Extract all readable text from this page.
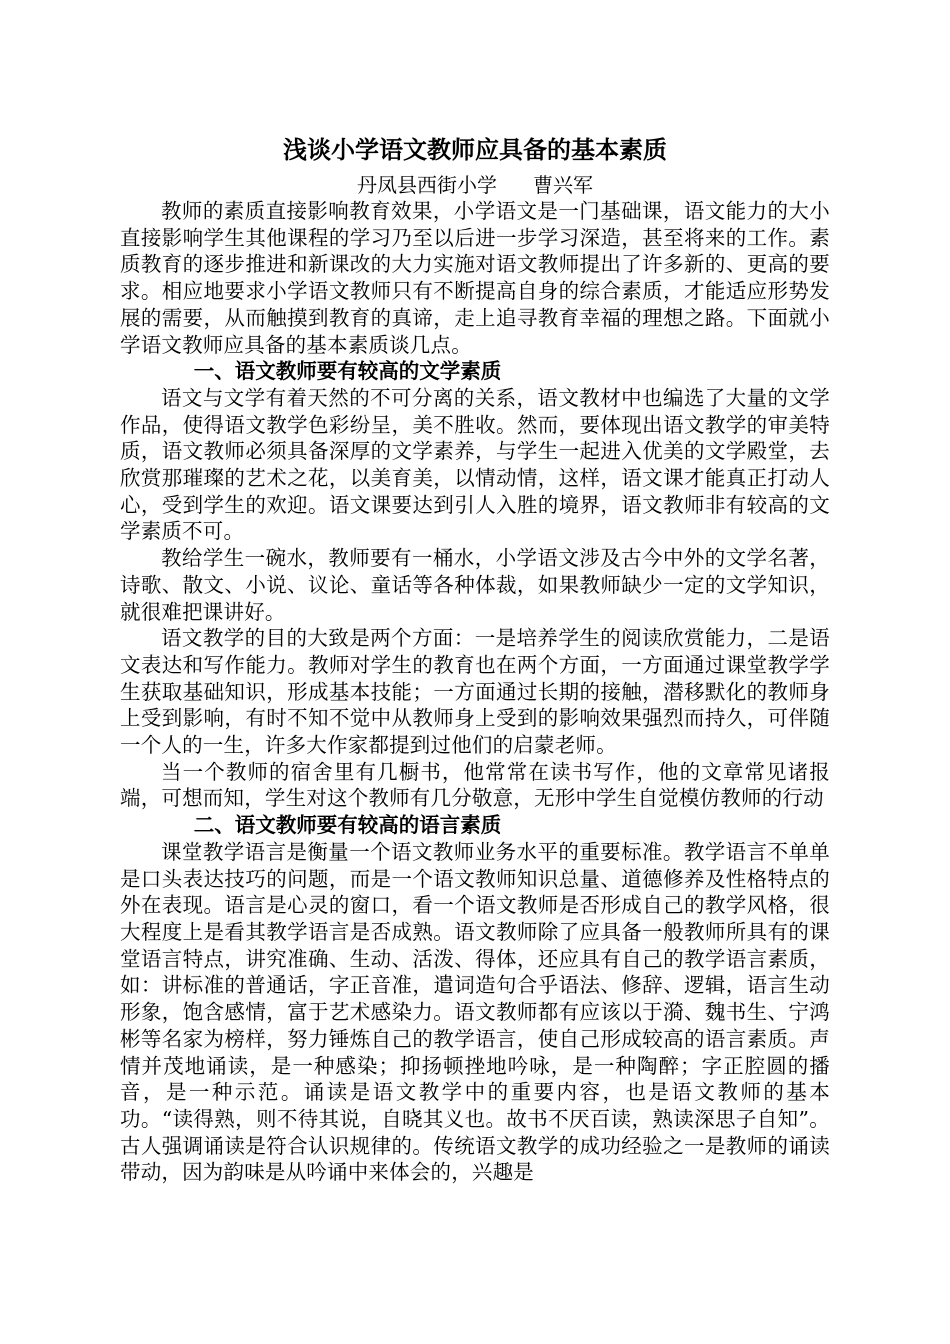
浅谈小学语文教师应具备的基本素质

丹凤县西街小学 曹兴军

教师的素质直接影响教育效果，小学语文是一门基础课，语文能力的大小直接影响学生其他课程的学习乃至以后进一步学习深造，甚至将来的工作。素质教育的逐步推进和新课改的大力实施对语文教师提出了许多新的、更高的要求。相应地要求小学语文教师只有不断提高自身的综合素质，才能适应形势发展的需要，从而触摸到教育的真谛，走上追寻教育幸福的理想之路。下面就小学语文教师应具备的基本素质谈几点。

一、语文教师要有较高的文学素质

语文与文学有着天然的不可分离的关系，语文教材中也编选了大量的文学作品，使得语文教学色彩纷呈，美不胜收。然而，要体现出语文教学的审美特质，语文教师必须具备深厚的文学素养，与学生一起进入优美的文学殿堂，去欣赏那璀璨的艺术之花，以美育美，以情动情，这样，语文课才能真正打动人心，受到学生的欢迎。语文课要达到引人入胜的境界，语文教师非有较高的文学素质不可。

教给学生一碗水，教师要有一桶水，小学语文涉及古今中外的文学名著，诗歌、散文、小说、议论、童话等各种体裁，如果教师缺少一定的文学知识，就很难把课讲好。

语文教学的目的大致是两个方面：一是培养学生的阅读欣赏能力，二是语文表达和写作能力。教师对学生的教育也在两个方面，一方面通过课堂教学学生获取基础知识，形成基本技能；一方面通过长期的接触，潜移默化的教师身上受到影响，有时不知不觉中从教师身上受到的影响效果强烈而持久，可伴随一个人的一生，许多大作家都提到过他们的启蒙老师。

当一个教师的宿舍里有几橱书，他常常在读书写作，他的文章常见诸报端，可想而知，学生对这个教师有几分敬意，无形中学生自觉模仿教师的行动

二、语文教师要有较高的语言素质

课堂教学语言是衡量一个语文教师业务水平的重要标准。教学语言不单单是口头表达技巧的问题，而是一个语文教师知识总量、道德修养及性格特点的外在表现。语言是心灵的窗口，看一个语文教师是否形成自己的教学风格，很大程度上是看其教学语言是否成熟。语文教师除了应具备一般教师所具有的课堂语言特点，讲究准确、生动、活泼、得体，还应具有自己的教学语言素质，如：讲标准的普通话，字正音准，遣词造句合乎语法、修辞、逻辑，语言生动形象，饱含感情，富于艺术感染力。语文教师都有应该以于漪、魏书生、宁鸿彬等名家为榜样，努力锤炼自己的教学语言，使自己形成较高的语言素质。声情并茂地诵读，是一种感染；抑扬顿挫地吟咏，是一种陶醉；字正腔圆的播音，是一种示范。诵读是语文教学中的重要内容，也是语文教师的基本功。“读得熟，则不待其说，自晓其义也。故书不厌百读，熟读深思子自知”。古人强调诵读是符合认识规律的。传统语文教学的成功经验之一是教师的诵读带动，因为韵味是从吟诵中来体会的，兴趣是
